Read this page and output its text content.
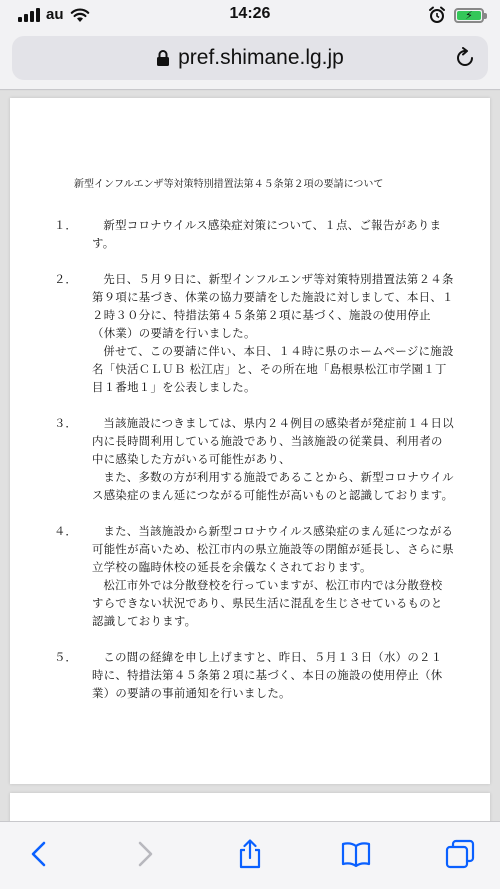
au	14:26	⚡
pref.shimane.lg.jp
新型インフルエンザ等対策特別措置法第４５条第２項の要請について
１．	新型コロナウイルス感染症対策について、１点、ご報告があります。

２．	先日、５月９日に、新型インフルエンザ等対策特別措置法第２４条第９項に基づき、休業の協力要請をした施設に対しまして、本日、１２時３０分に、特措法第４５条第２項に基づく、施設の使用停止（休業）の要請を行いました。

併せて、この要請に伴い、本日、１４時に県のホームページに施設名「快活ＣＬＵＢ 松江店」と、その所在地「島根県松江市学園１丁目１番地１」を公表しました。

３．	当該施設につきましては、県内２４例目の感染者が発症前１４日以内に長時間利用している施設であり、当該施設の従業員、利用者の中に感染した方がいる可能性があり、

また、多数の方が利用する施設であることから、新型コロナウイルス感染症のまん延につながる可能性が高いものと認識しております。

４．	また、当該施設から新型コロナウイルス感染症のまん延につながる可能性が高いため、松江市内の県立施設等の閉館が延長し、さらに県立学校の臨時休校の延長を余儀なくされております。

松江市外では分散登校を行っていますが、松江市内では分散登校すらできない状況であり、県民生活に混乱を生じさせているものと認識しております。

５．	この間の経緯を申し上げますと、昨日、５月１３日（水）の２１時に、特措法第４５条第２項に基づく、本日の施設の使用停止（休業）の要請の事前通知を行いました。
